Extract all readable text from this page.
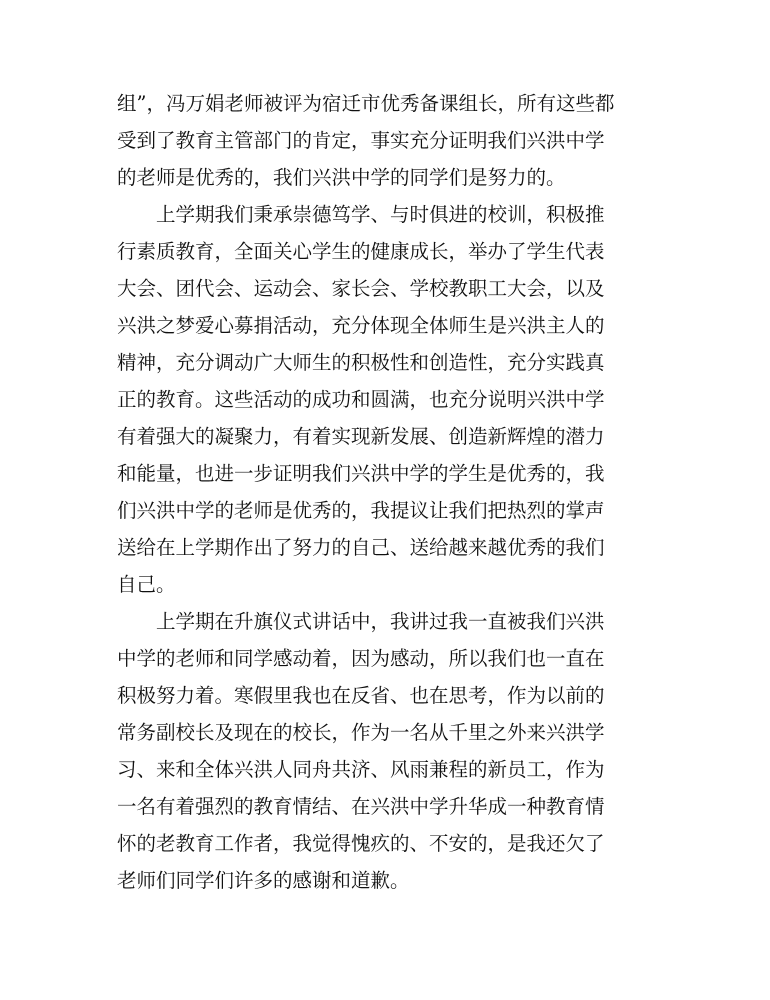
组”，冯万娟老师被评为宿迁市优秀备课组长，所有这些都
受到了教育主管部门的肯定，事实充分证明我们兴洪中学
的老师是优秀的，我们兴洪中学的同学们是努力的。
上学期我们秉承崇德笃学、与时俱进的校训，积极推
行素质教育，全面关心学生的健康成长，举办了学生代表
大会、团代会、运动会、家长会、学校教职工大会，以及
兴洪之梦爱心募捐活动，充分体现全体师生是兴洪主人的
精神，充分调动广大师生的积极性和创造性，充分实践真
正的教育。这些活动的成功和圆满，也充分说明兴洪中学
有着强大的凝聚力，有着实现新发展、创造新辉煌的潜力
和能量，也进一步证明我们兴洪中学的学生是优秀的，我
们兴洪中学的老师是优秀的，我提议让我们把热烈的掌声
送给在上学期作出了努力的自己、送给越来越优秀的我们
自己。
上学期在升旗仪式讲话中，我讲过我一直被我们兴洪
中学的老师和同学感动着，因为感动，所以我们也一直在
积极努力着。寒假里我也在反省、也在思考，作为以前的
常务副校长及现在的校长，作为一名从千里之外来兴洪学
习、来和全体兴洪人同舟共济、风雨兼程的新员工，作为
一名有着强烈的教育情结、在兴洪中学升华成一种教育情
怀的老教育工作者，我觉得愧疚的、不安的，是我还欠了
老师们同学们许多的感谢和道歉。
